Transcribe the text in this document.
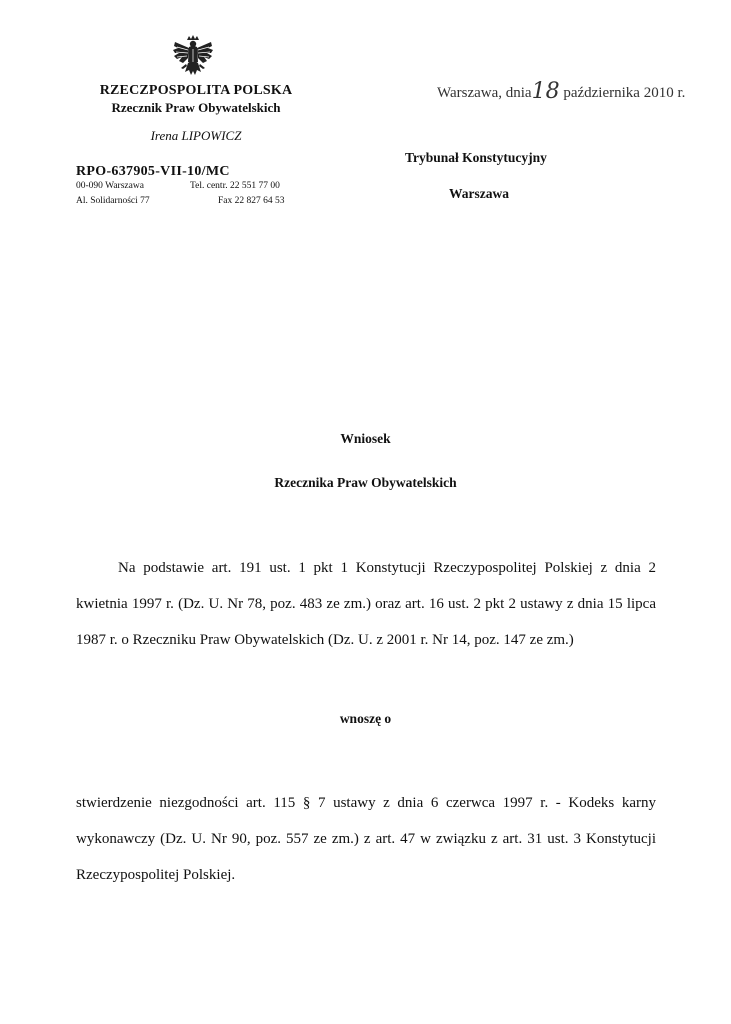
RZECZPOSPOLITA POLSKA
Rzecznik Praw Obywatelskich
Irena LIPOWICZ
RPO-637905-VII-10/MC
00-090 Warszawa
Al. Solidarności 77
Tel. centr. 22 551 77 00
Fax 22 827 64 53
Warszawa, dnia18 października 2010 r.
Trybunał Konstytucyjny
Warszawa
Wniosek
Rzecznika Praw Obywatelskich

Na podstawie art. 191 ust. 1 pkt 1 Konstytucji Rzeczypospolitej Polskiej z dnia 2 kwietnia 1997 r. (Dz. U. Nr 78, poz. 483 ze zm.) oraz art. 16 ust. 2 pkt 2 ustawy z dnia 15 lipca 1987 r. o Rzeczniku Praw Obywatelskich (Dz. U. z 2001 r. Nr 14, poz. 147 ze zm.)

wnoszę o

stwierdzenie niezgodności art. 115 § 7 ustawy z dnia 6 czerwca 1997 r. - Kodeks karny wykonawczy (Dz. U. Nr 90, poz. 557 ze zm.) z art. 47 w związku z art. 31 ust. 3 Konstytucji Rzeczypospolitej Polskiej.
